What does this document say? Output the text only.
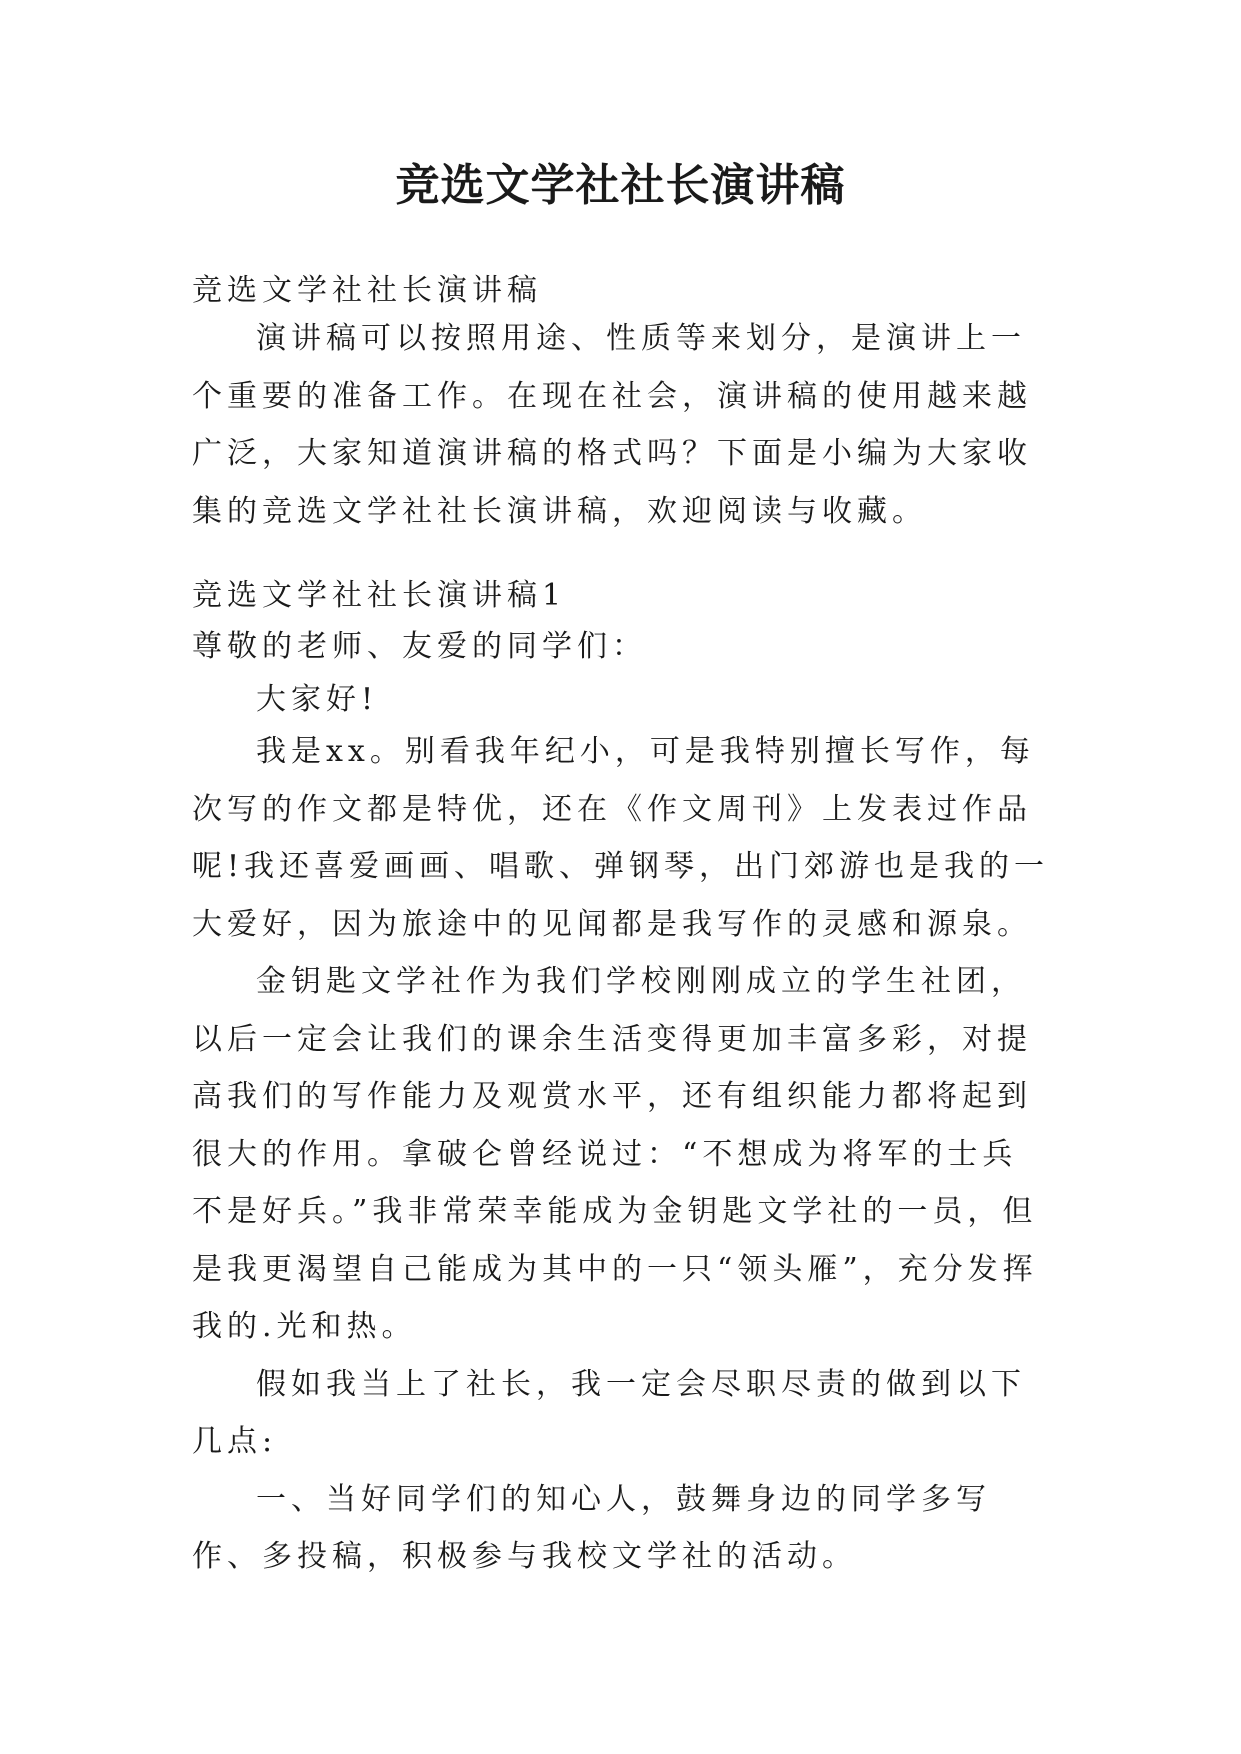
竞选文学社社长演讲稿

竞选文学社社长演讲稿

演讲稿可以按照用途、性质等来划分，是演讲上一个重要的准备工作。在现在社会，演讲稿的使用越来越广泛，大家知道演讲稿的格式吗？下面是小编为大家收集的竞选文学社社长演讲稿，欢迎阅读与收藏。

竞选文学社社长演讲稿1

尊敬的老师、友爱的同学们：

大家好!

我是xx。别看我年纪小，可是我特别擅长写作，每次写的作文都是特优，还在《作文周刊》上发表过作品呢!我还喜爱画画、唱歌、弹钢琴，出门郊游也是我的一大爱好，因为旅途中的见闻都是我写作的灵感和源泉。

金钥匙文学社作为我们学校刚刚成立的学生社团，以后一定会让我们的课余生活变得更加丰富多彩，对提高我们的写作能力及观赏水平，还有组织能力都将起到很大的作用。拿破仑曾经说过：“不想成为将军的士兵不是好兵。”我非常荣幸能成为金钥匙文学社的一员，但是我更渴望自己能成为其中的一只“领头雁”，充分发挥我的.光和热。

假如我当上了社长，我一定会尽职尽责的做到以下几点:

一、当好同学们的知心人，鼓舞身边的同学多写作、多投稿，积极参与我校文学社的活动。
